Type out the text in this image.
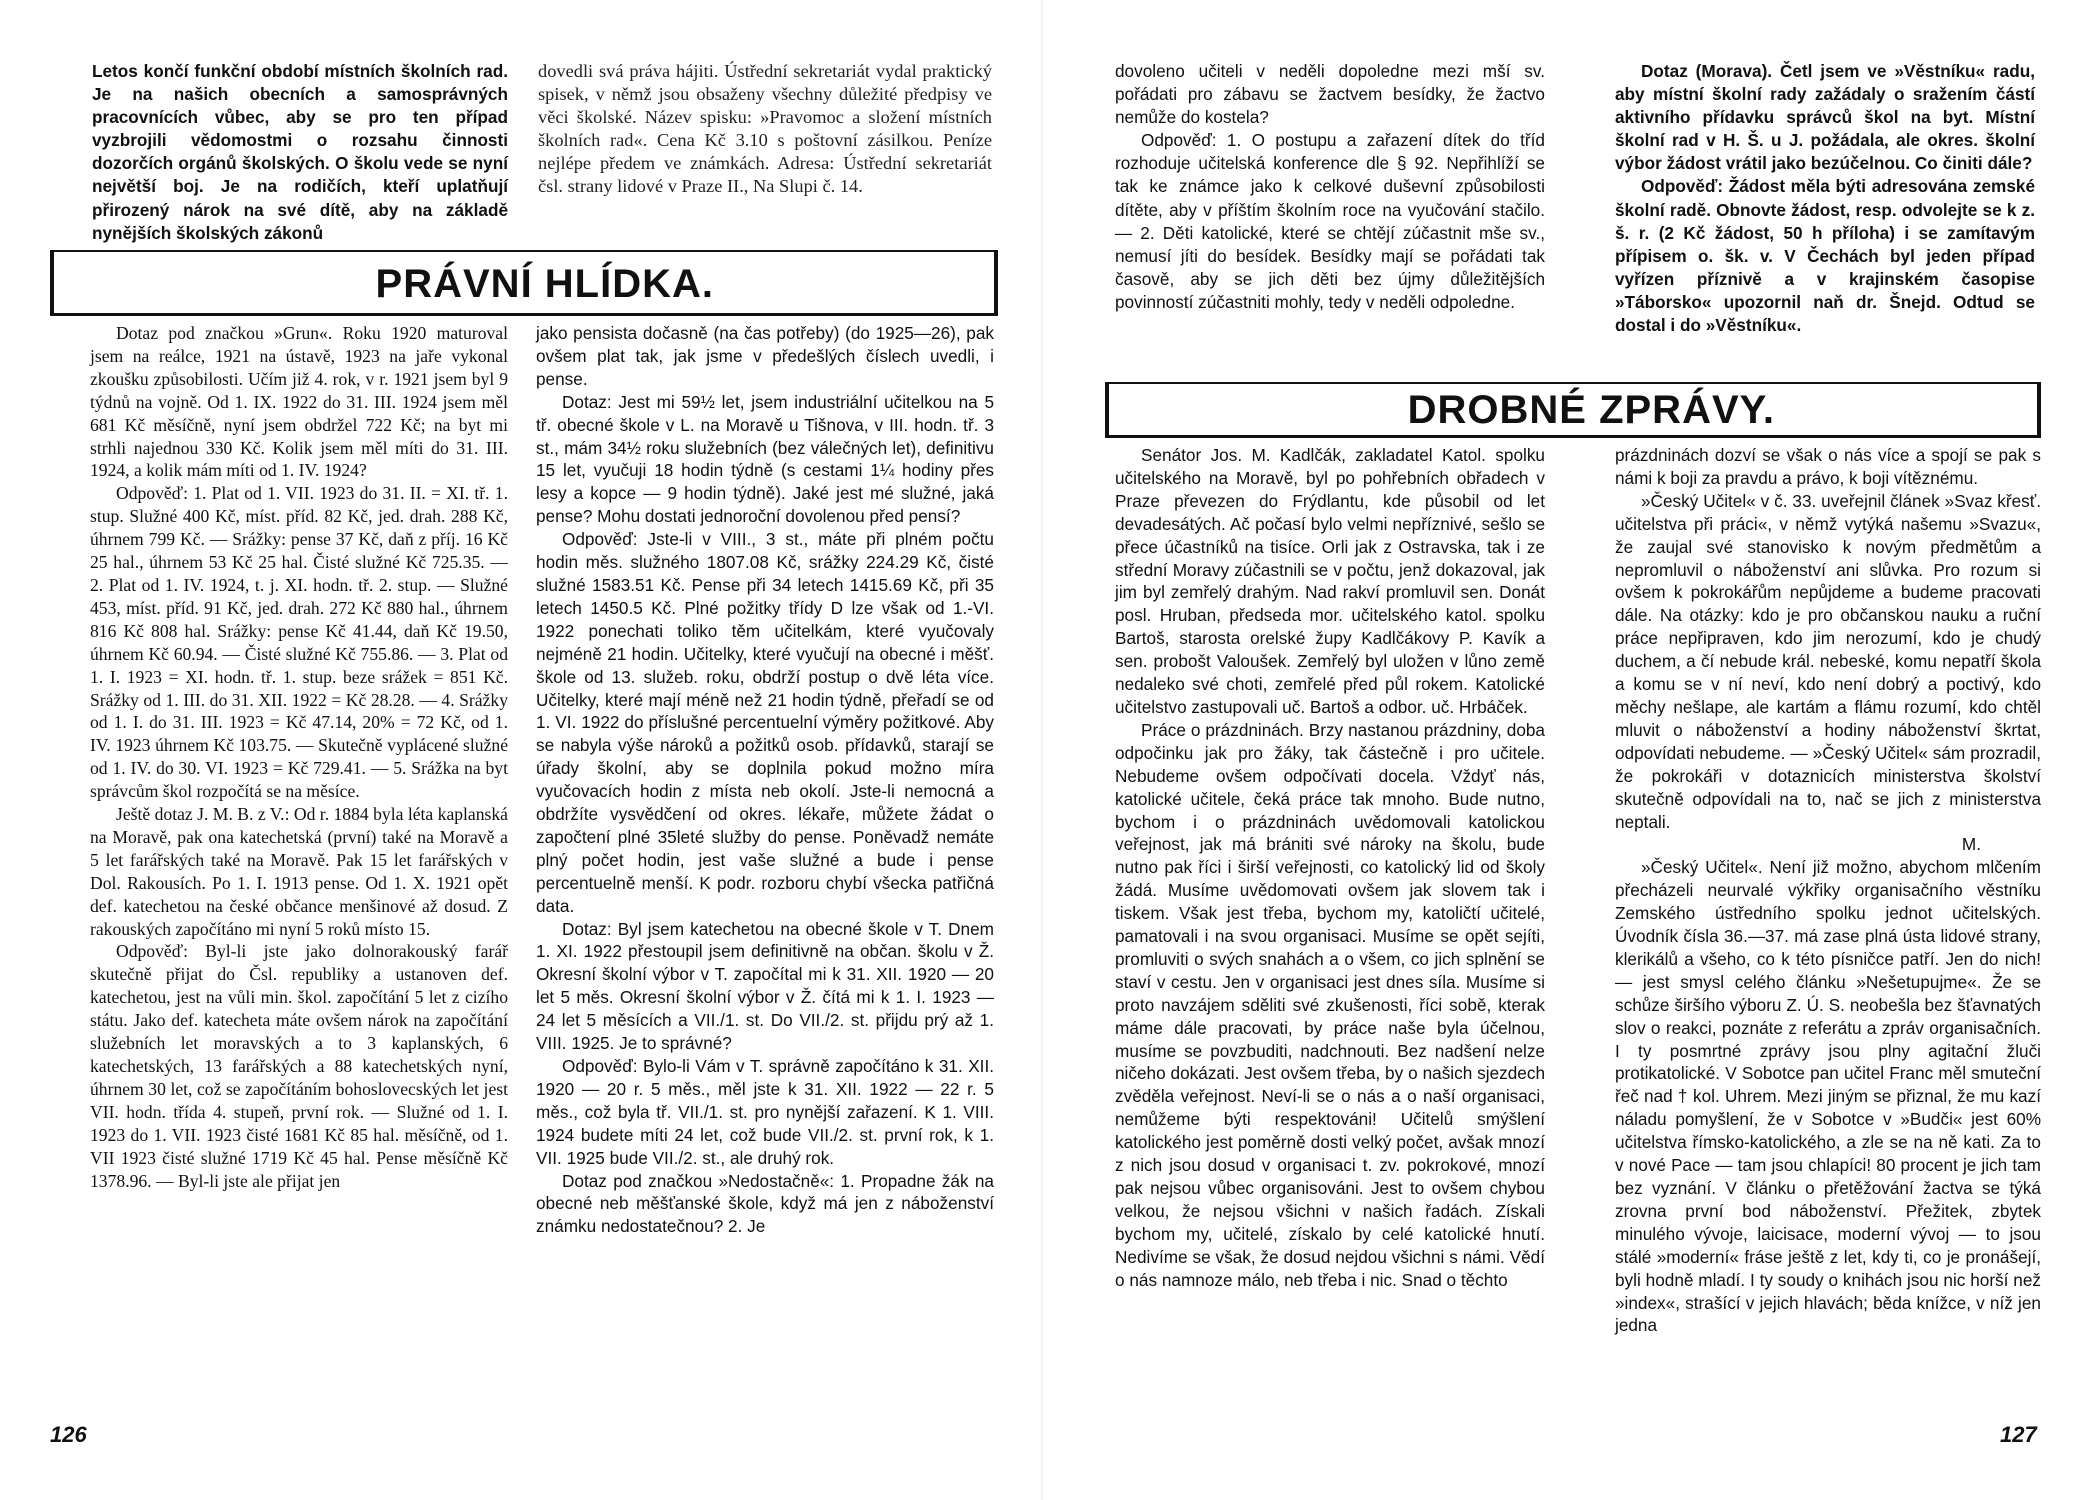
Letos končí funkční období místních školních rad. Je na našich obecních a samosprávných pracovnících vůbec, aby se pro ten případ vyzbrojili vědomostmi o rozsahu činnosti dozorčích orgánů školských. O školu vede se nyní největší boj. Je na rodičích, kteří uplatňují přirozený nárok na své dítě, aby na základě nynějších školských zákonů

dovedli svá práva hájiti. Ústřední sekretariát vydal praktický spisek, v němž jsou obsaženy všechny důležité předpisy ve věci školské. Název spisku: »Pravomoc a složení místních školních rad«. Cena Kč 3.10 s poštovní zásilkou. Peníze nejlépe předem ve známkách. Adresa: Ústřední sekretariát čsl. strany lidové v Praze II., Na Slupi č. 14.

PRÁVNÍ HLÍDKA.

Dotaz pod značkou »Grun«. Roku 1920 maturoval jsem na reálce, 1921 na ústavě, 1923 na jaře vykonal zkoušku způsobilosti. Učím již 4. rok, v r. 1921 jsem byl 9 týdnů na vojně. Od 1. IX. 1922 do 31. III. 1924 jsem měl 681 Kč měsíčně, nyní jsem obdržel 722 Kč; na byt mi strhli najednou 330 Kč. Kolik jsem měl míti do 31. III. 1924, a kolik mám míti od 1. IV. 1924?

Odpověď: 1. Plat od 1. VII. 1923 do 31. II. = XI. tř. 1. stup. Služné 400 Kč, míst. příd. 82 Kč, jed. drah. 288 Kč, úhrnem 799 Kč. — Srážky: pense 37 Kč, daň z příj. 16 Kč 25 hal., úhrnem 53 Kč 25 hal. Čisté služné Kč 725.35. — 2. Plat od 1. IV. 1924, t. j. XI. hodn. tř. 2. stup. — Služné 453, míst. příd. 91 Kč, jed. drah. 272 Kč 880 hal., úhrnem 816 Kč 808 hal. Srážky: pense Kč 41.44, daň Kč 19.50, úhrnem Kč 60.94. — Čisté služné Kč 755.86. — 3. Plat od 1. I. 1923 = XI. hodn. tř. 1. stup. beze srážek = 851 Kč. Srážky od 1. III. do 31. XII. 1922 = Kč 28.28. — 4. Srážky od 1. I. do 31. III. 1923 = Kč 47.14, 20% = 72 Kč, od 1. IV. 1923 úhrnem Kč 103.75. — Skutečně vyplácené služné od 1. IV. do 30. VI. 1923 = Kč 729.41. — 5. Srážka na byt správcům škol rozpočítá se na měsíce.

Ještě dotaz J. M. B. z V.: Od r. 1884 byla léta kaplanská na Moravě, pak ona katechetská (první) také na Moravě a 5 let farářských také na Moravě. Pak 15 let farářských v Dol. Rakousích. Po 1. I. 1913 pense. Od 1. X. 1921 opět def. katechetou na české občance menšinové až dosud. Z rakouských započítáno mi nyní 5 roků místo 15.

Odpověď: Byl-li jste jako dolnorakouský farář skutečně přijat do Čsl. republiky a ustanoven def. katechetou, jest na vůli min. škol. započítání 5 let z cizího státu. Jako def. katecheta máte ovšem nárok na započítání služebních let moravských a to 3 kaplanských, 6 katechetských, 13 farářských a 88 katechetských nyní, úhrnem 30 let, což se započítáním bohoslovecských let jest VII. hodn. třída 4. stupeň, první rok. — Služné od 1. I. 1923 do 1. VII. 1923 čisté 1681 Kč 85 hal. měsíčně, od 1. VII 1923 čisté služné 1719 Kč 45 hal. Pense měsíčně Kč 1378.96. — Byl-li jste ale přijat jen

jako pensista dočasně (na čas potřeby) (do 1925—26), pak ovšem plat tak, jak jsme v předešlých číslech uvedli, i pense.

Dotaz: Jest mi 59½ let, jsem industriální učitelkou na 5 tř. obecné škole v L. na Moravě u Tišnova, v III. hodn. tř. 3 st., mám 34½ roku služebních (bez válečných let), definitivu 15 let, vyučuji 18 hodin týdně (s cestami 1¼ hodiny přes lesy a kopce — 9 hodin týdně). Jaké jest mé služné, jaká pense? Mohu dostati jednoroční dovolenou před pensí?

Odpověď: Jste-li v VIII., 3 st., máte při plném počtu hodin měs. služného 1807.08 Kč, srážky 224.29 Kč, čisté služné 1583.51 Kč. Pense při 34 letech 1415.69 Kč, při 35 letech 1450.5 Kč. Plné požitky třídy D lze však od 1.-VI. 1922 ponechati toliko těm učitelkám, které vyučovaly nejméně 21 hodin. Učitelky, které vyučují na obecné i měšť. škole od 13. služeb. roku, obdrží postup o dvě léta více. Učitelky, které mají méně než 21 hodin týdně, přeřadí se od 1. VI. 1922 do příslušné percentuelní výměry požitkové. Aby se nabyla výše nároků a požitků osob. přídavků, starají se úřady školní, aby se doplnila pokud možno míra vyučovacích hodin z místa neb okolí. Jste-li nemocná a obdržíte vysvědčení od okres. lékaře, můžete žádat o započtení plné 35leté služby do pense. Poněvadž nemáte plný počet hodin, jest vaše služné a bude i pense percentuelně menší. K podr. rozboru chybí všecka patřičná data.

Dotaz: Byl jsem katechetou na obecné škole v T. Dnem 1. XI. 1922 přestoupil jsem definitivně na občan. školu v Ž. Okresní školní výbor v T. započítal mi k 31. XII. 1920 — 20 let 5 měs. Okresní školní výbor v Ž. čítá mi k 1. I. 1923 — 24 let 5 měsících a VII./1. st. Do VII./2. st. přijdu prý až 1. VIII. 1925. Je to správné?

Odpověď: Bylo-li Vám v T. správně započítáno k 31. XII. 1920 — 20 r. 5 měs., měl jste k 31. XII. 1922 — 22 r. 5 měs., což byla tř. VII./1. st. pro nynější zařazení. K 1. VIII. 1924 budete míti 24 let, což bude VII./2. st. první rok, k 1. VII. 1925 bude VII./2. st., ale druhý rok.

Dotaz pod značkou »Nedostačně«: 1. Propadne žák na obecné neb měšťanské škole, když má jen z náboženství známku nedostatečnou? 2. Je

126

dovoleno učiteli v neděli dopoledne mezi mší sv. pořádati pro zábavu se žactvem besídky, že žactvo nemůže do kostela?

Odpověď: 1. O postupu a zařazení dítek do tříd rozhoduje učitelská konference dle § 92. Nepřihlíží se tak ke známce jako k celkové duševní způsobilosti dítěte, aby v příštím školním roce na vyučování stačilo. — 2. Děti katolické, které se chtějí zúčastnit mše sv., nemusí jíti do besídek. Besídky mají se pořádati tak časově, aby se jich děti bez újmy důležitějších povinností zúčastniti mohly, tedy v neděli odpoledne.

Dotaz (Morava). Četl jsem ve »Věstníku« radu, aby místní školní rady zažádaly o sražením částí aktivního přídavku správců škol na byt. Místní školní rad v H. Š. u J. požádala, ale okres. školní výbor žádost vrátil jako bezúčelnou. Co činiti dále?

Odpověď: Žádost měla býti adresována zemské školní radě. Obnovte žádost, resp. odvolejte se k z. š. r. (2 Kč žádost, 50 h příloha) i se zamítavým přípisem o. šk. v. V Čechách byl jeden případ vyřízen příznivě a v krajinském časopise »Táborsko« upozornil naň dr. Šnejd. Odtud se dostal i do »Věstníku«.

DROBNÉ ZPRÁVY.

Senátor Jos. M. Kadlčák, zakladatel Katol. spolku učitelského na Moravě, byl po pohřebních obřadech v Praze převezen do Frýdlantu, kde působil od let devadesátých. Ač počasí bylo velmi nepříznivé, sešlo se přece účastníků na tisíce. Orli jak z Ostravska, tak i ze střední Moravy zúčastnili se v počtu, jenž dokazoval, jak jim byl zemřelý drahým. Nad rakví promluvil sen. Donát posl. Hruban, předseda mor. učitelského katol. spolku Bartoš, starosta orelské župy Kadlčákovy P. Kavík a sen. probošt Valoušek. Zemřelý byl uložen v lůno země nedaleko své choti, zemřelé před půl rokem. Katolické učitelstvo zastupovali uč. Bartoš a odbor. uč. Hrbáček.

Práce o prázdninách. Brzy nastanou prázdniny, doba odpočinku jak pro žáky, tak částečně i pro učitele. Nebudeme ovšem odpočívati docela. Vždyť nás, katolické učitele, čeká práce tak mnoho. Bude nutno, bychom i o prázdninách uvědomovali katolickou veřejnost, jak má brániti své nároky na školu, bude nutno pak říci i širší veřejnosti, co katolický lid od školy žádá. Musíme uvědomovati ovšem jak slovem tak i tiskem. Však jest třeba, bychom my, katoličtí učitelé, pamatovali i na svou organisaci. Musíme se opět sejíti, promluviti o svých snahách a o všem, co jich splnění se staví v cestu. Jen v organisaci jest dnes síla. Musíme si proto navzájem sděliti své zkušenosti, říci sobě, kterak máme dále pracovati, by práce naše byla účelnou, musíme se povzbuditi, nadchnouti. Bez nadšení nelze ničeho dokázati. Jest ovšem třeba, by o našich sjezdech zvěděla veřejnost. Neví-li se o nás a o naší organisaci, nemůžeme býti respektováni! Učitelů smýšlení katolického jest poměrně dosti velký počet, avšak mnozí z nich jsou dosud v organisaci t. zv. pokrokové, mnozí pak nejsou vůbec organisováni. Jest to ovšem chybou velkou, že nejsou všichni v našich řadách. Získali bychom my, učitelé, získalo by celé katolické hnutí. Nedivíme se však, že dosud nejdou všichni s námi. Vědí o nás namnoze málo, neb třeba i nic. Snad o těchto

prázdninách dozví se však o nás více a spojí se pak s námi k boji za pravdu a právo, k boji vítěznému.

»Český Učitel« v č. 33. uveřejnil článek »Svaz křesť. učitelstva při práci«, v němž vytýká našemu »Svazu«, že zaujal své stanovisko k novým předmětům a nepromluvil o náboženství ani slůvka. Pro rozum si ovšem k pokrokářům nepůjdeme a budeme pracovati dále. Na otázky: kdo je pro občanskou nauku a ruční práce nepřipraven, kdo jim nerozumí, kdo je chudý duchem, a čí nebude král. nebeské, komu nepatří škola a komu se v ní neví, kdo není dobrý a poctivý, kdo měchy nešlape, ale kartám a flámu rozumí, kdo chtěl mluvit o náboženství a hodiny náboženství škrtat, odpovídati nebudeme. — »Český Učitel« sám prozradil, že pokrokáři v dotaznicích ministerstva školství skutečně odpovídali na to, nač se jich z ministerstva neptali.

M.

»Český Učitel«. Není již možno, abychom mlčením přecházeli neurvalé výkřiky organisačního věstníku Zemského ústředního spolku jednot učitelských. Úvodník čísla 36.—37. má zase plná ústa lidové strany, klerikálů a všeho, co k této písničce patří. Jen do nich! — jest smysl celého článku »Nešetupujme«. Že se schůze širšího výboru Z. Ú. S. neobešla bez šťavnatých slov o reakci, poznáte z referátu a zpráv organisačních. I ty posmrtné zprávy jsou plny agitační žluči protikatolické. V Sobotce pan učitel Franc měl smuteční řeč nad † kol. Uhrem. Mezi jiným se přiznal, že mu kazí náladu pomyšlení, že v Sobotce v »Budči« jest 60% učitelstva římsko-katolického, a zle se na ně kati. Za to v nové Pace — tam jsou chlapíci! 80 procent je jich tam bez vyznání. V článku o přetěžování žactva se týká zrovna první bod náboženství. Přežitek, zbytek minulého vývoje, laicisace, moderní vývoj — to jsou stálé »moderní« fráse ještě z let, kdy ti, co je pronášejí, byli hodně mladí. I ty soudy o knihách jsou nic horší než »index«, strašící v jejich hlavách; běda knížce, v níž jen jedna

127
